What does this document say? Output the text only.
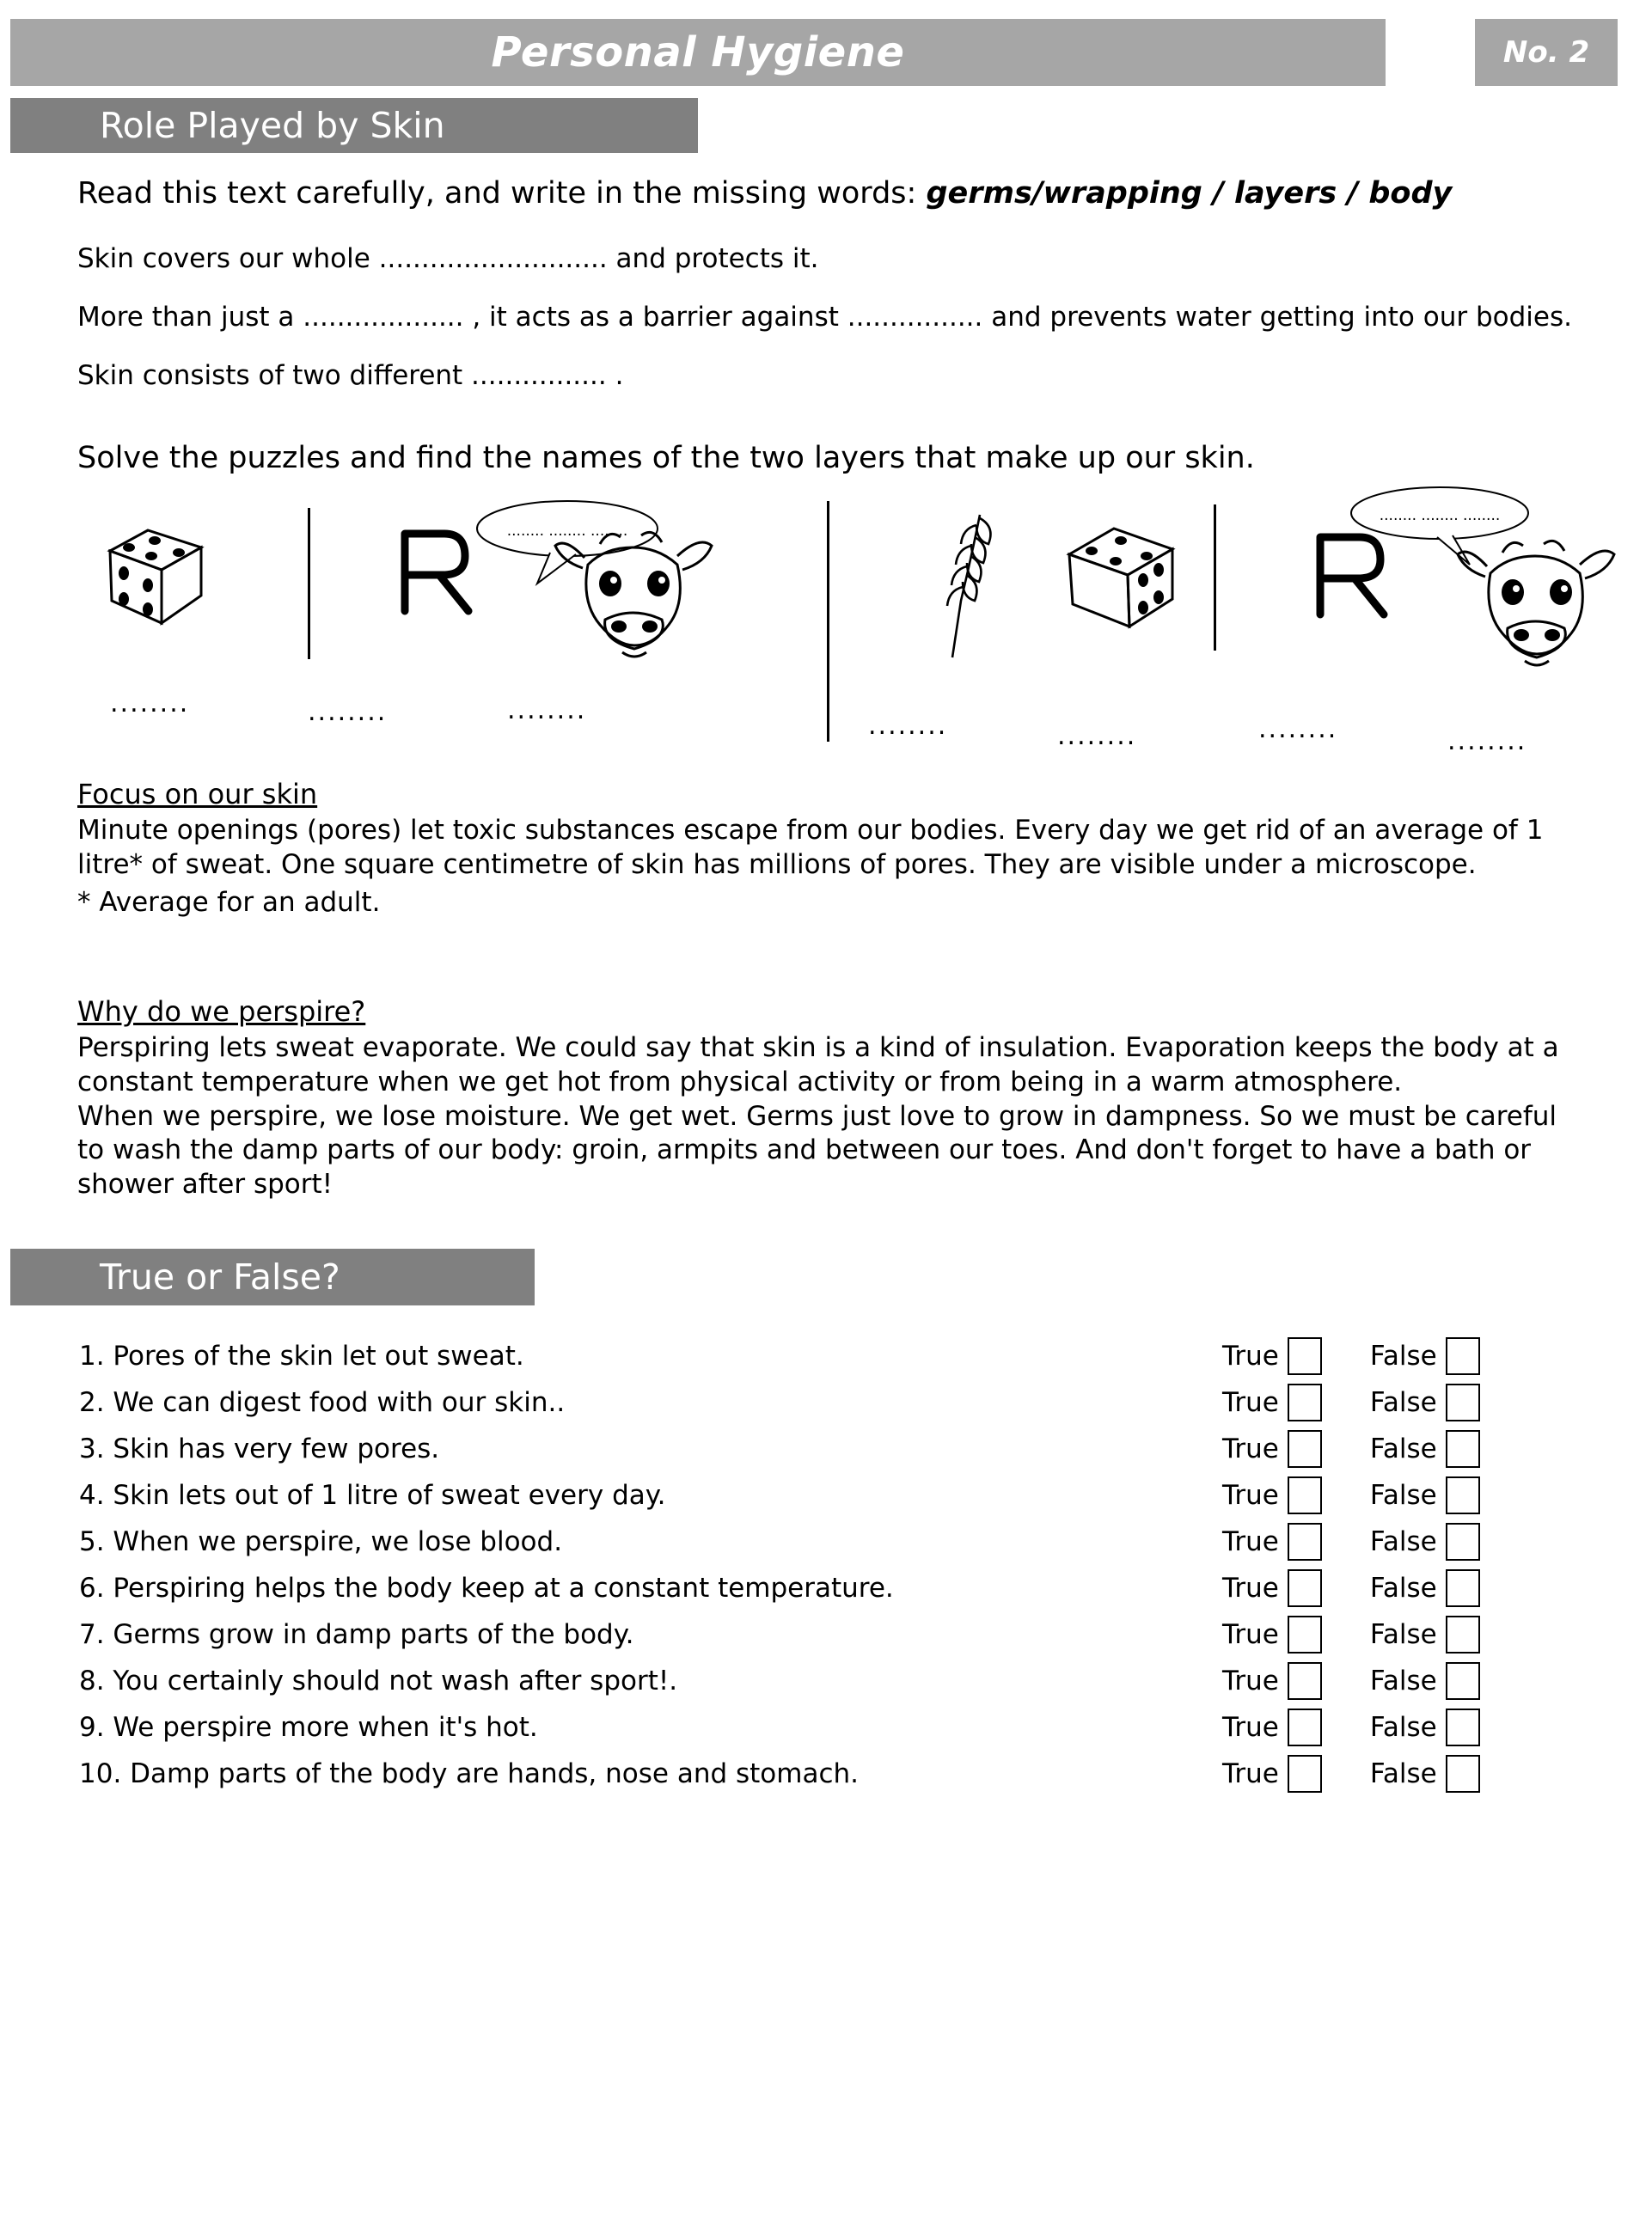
Personal Hygiene	No. 2
Role Played by Skin
Read this text carefully, and write in the missing words: germs/wrapping / layers / body

Skin covers our whole ........................... and protects it.

More than just a ................... , it acts as a barrier against ................ and prevents water getting into our bodies.

Skin consists of two different ................ .

Solve the puzzles and find the names of the two layers that make up our skin.
........ ........ ........
........ ........ ........
........	........	........
........	........	........	........
Focus on our skin
Minute openings (pores) let toxic substances escape from our bodies. Every day we get rid of an average of 1 litre* of sweat. One square centimetre of skin has millions of pores. They are visible under a microscope.
* Average for an adult.
Why do we perspire?
Perspiring lets sweat evaporate. We could say that skin is a kind of insulation. Evaporation keeps the body at a constant temperature when we get hot from physical activity or from being in a warm atmosphere.
When we perspire, we lose moisture. We get wet. Germs just love to grow in dampness. So we must be careful to wash the damp parts of our body: groin, armpits and between our toes. And don't forget to have a bath or shower after sport!
True or False?
1. Pores of the skin let out sweat.	True	False
2. We can digest food with our skin..	True	False
3. Skin has very few pores.	True	False
4. Skin lets out of 1 litre of sweat every day.	True	False
5. When we perspire, we lose blood.	True	False
6. Perspiring helps the body keep at a constant temperature.	True	False
7. Germs grow in damp parts of the body.	True	False
8. You certainly should not wash after sport!.	True	False
9. We perspire more when it's hot.	True	False
10. Damp parts of the body are hands, nose and stomach.	True	False
